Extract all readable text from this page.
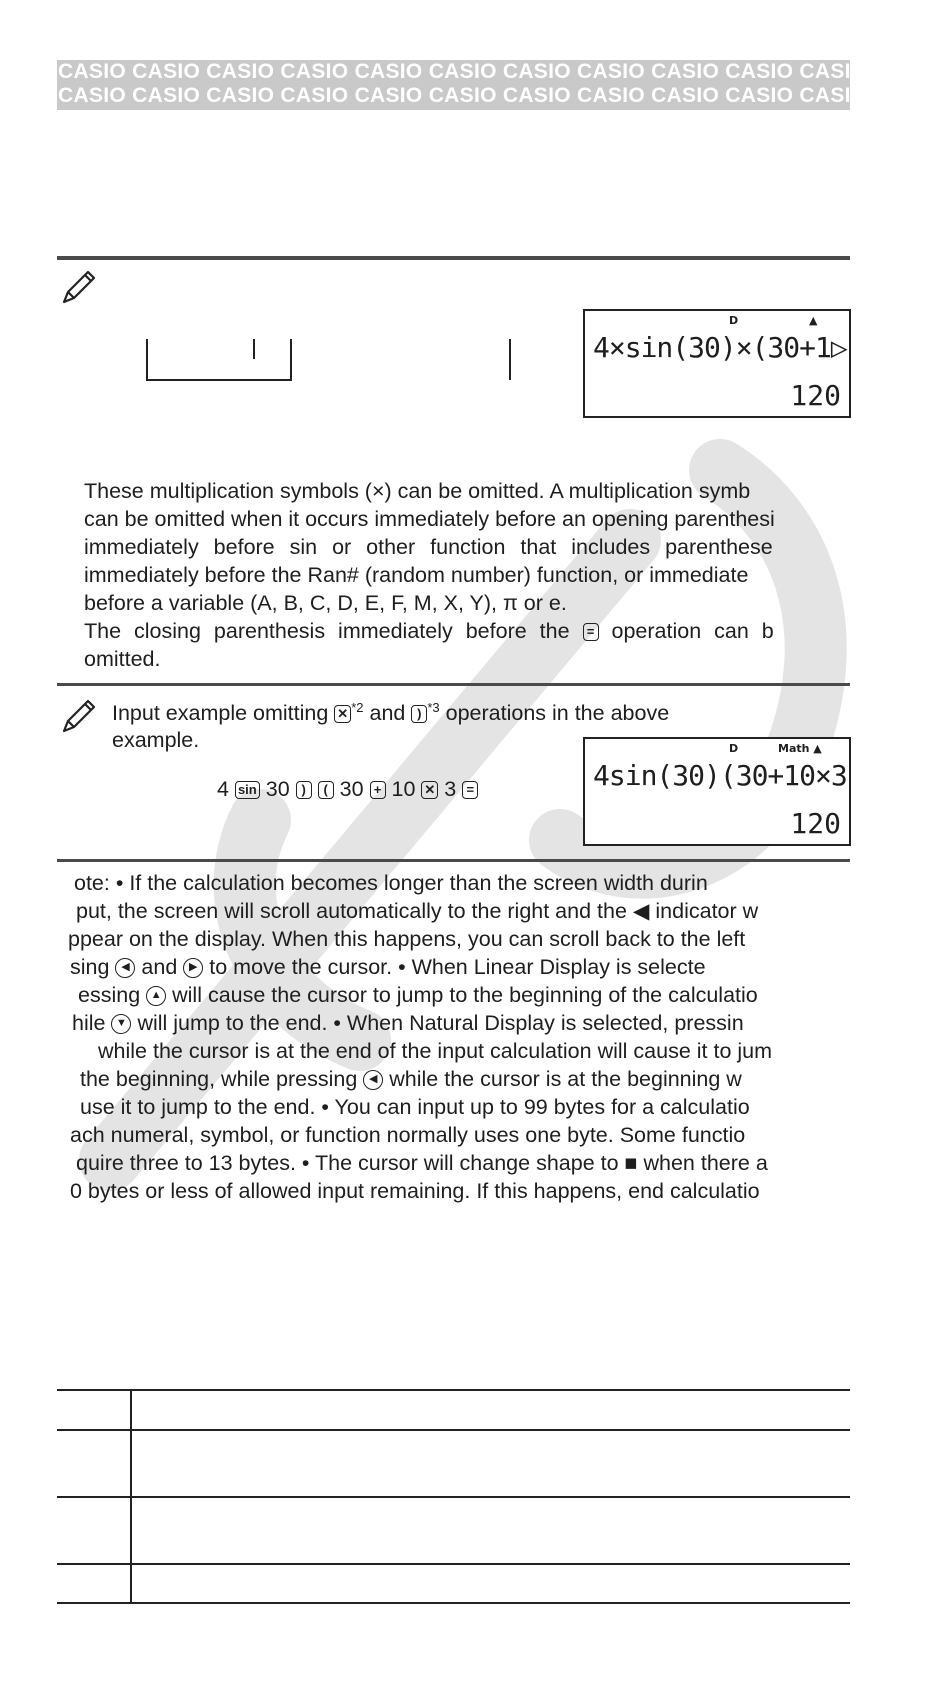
CASIO CASIO CASIO CASIO CASIO CASIO CASIO CASIO CASIO CASIO CASIO CASIO
CASIO CASIO CASIO CASIO CASIO CASIO CASIO CASIO CASIO CASIO CASIO CASIO
D	▲
4×sin(30)×(30+1▷
120
These multiplication symbols (×) can be omitted. A multiplication symb
can be omitted when it occurs immediately before an opening parenthesi
immediately before sin or other function that includes parenthese
immediately before the Ran# (random number) function, or immediate
before a variable (A, B, C, D, E, F, M, X, Y), π or e.
The closing parenthesis immediately before the = operation can b
omitted.
Input example omitting ✕ $^{*2}$ and ) $^{*3}$ operations in the above
example.
4 sin 30 ) ( 30 + 10 ✕ 3 =
D	Math ▲
4sin(30)(30+10×3
120
ote: • If the calculation becomes longer than the screen width durin
put, the screen will scroll automatically to the right and the ◀ indicator w
ppear on the display. When this happens, you can scroll back to the left
sing ◀ and ▶ to move the cursor. • When Linear Display is selecte
essing ▲ will cause the cursor to jump to the beginning of the calculatio
hile ▼ will jump to the end. • When Natural Display is selected, pressin
while the cursor is at the end of the input calculation will cause it to jum
the beginning, while pressing ◀ while the cursor is at the beginning w
use it to jump to the end. • You can input up to 99 bytes for a calculatio
ach numeral, symbol, or function normally uses one byte. Some functio
quire three to 13 bytes. • The cursor will change shape to ■ when there a
0 bytes or less of allowed input remaining. If this happens, end calculatio
